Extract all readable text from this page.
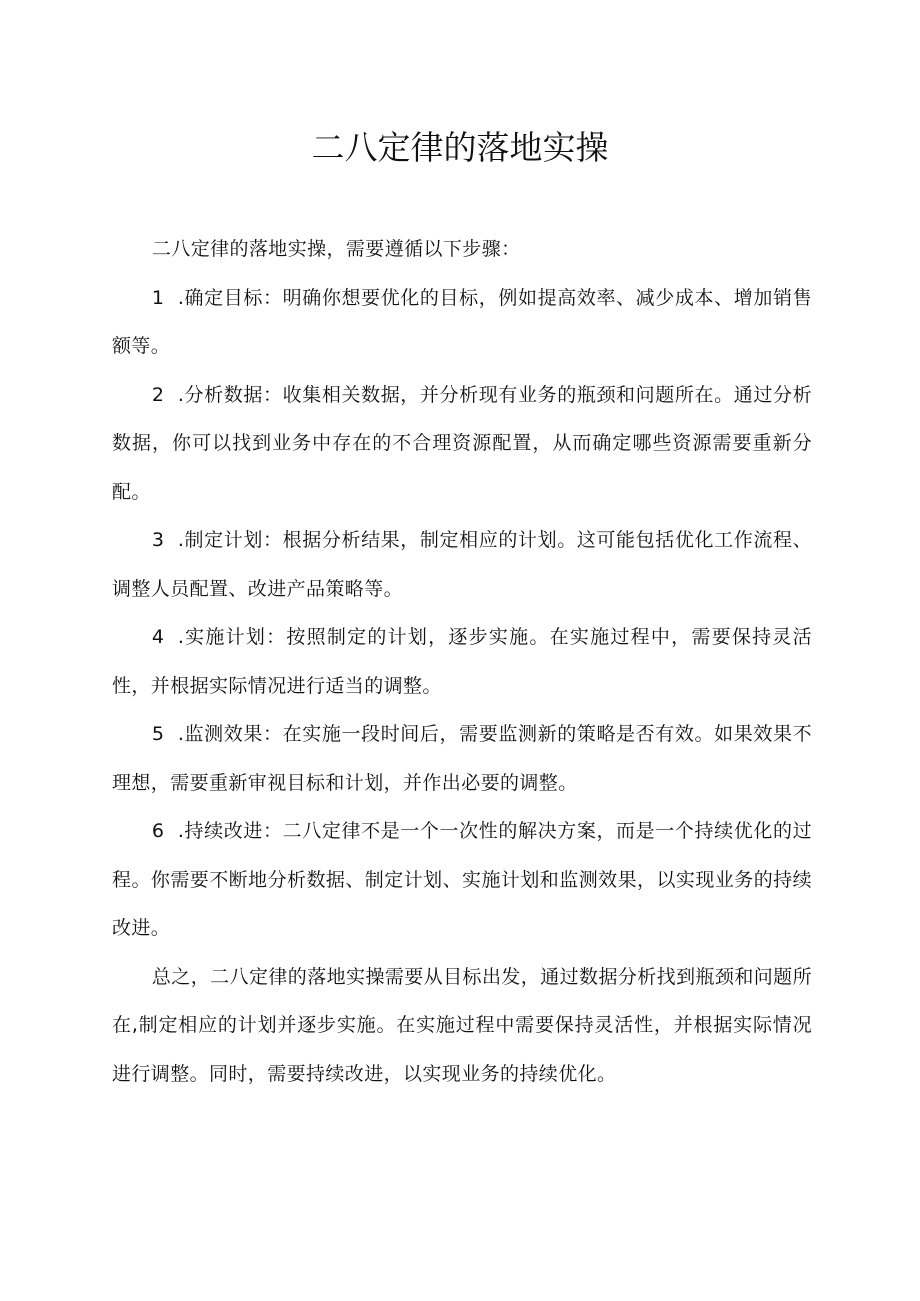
二八定律的落地实操

二八定律的落地实操，需要遵循以下步骤：

1 .确定目标：明确你想要优化的目标，例如提高效率、减少成本、增加销售额等。

2 .分析数据：收集相关数据，并分析现有业务的瓶颈和问题所在。通过分析数据，你可以找到业务中存在的不合理资源配置，从而确定哪些资源需要重新分配。

3 .制定计划：根据分析结果，制定相应的计划。这可能包括优化工作流程、调整人员配置、改进产品策略等。

4 .实施计划：按照制定的计划，逐步实施。在实施过程中，需要保持灵活性，并根据实际情况进行适当的调整。

5 .监测效果：在实施一段时间后，需要监测新的策略是否有效。如果效果不理想，需要重新审视目标和计划，并作出必要的调整。

6 .持续改进：二八定律不是一个一次性的解决方案，而是一个持续优化的过程。你需要不断地分析数据、制定计划、实施计划和监测效果，以实现业务的持续改进。

总之，二八定律的落地实操需要从目标出发，通过数据分析找到瓶颈和问题所在,制定相应的计划并逐步实施。在实施过程中需要保持灵活性，并根据实际情况进行调整。同时，需要持续改进，以实现业务的持续优化。
